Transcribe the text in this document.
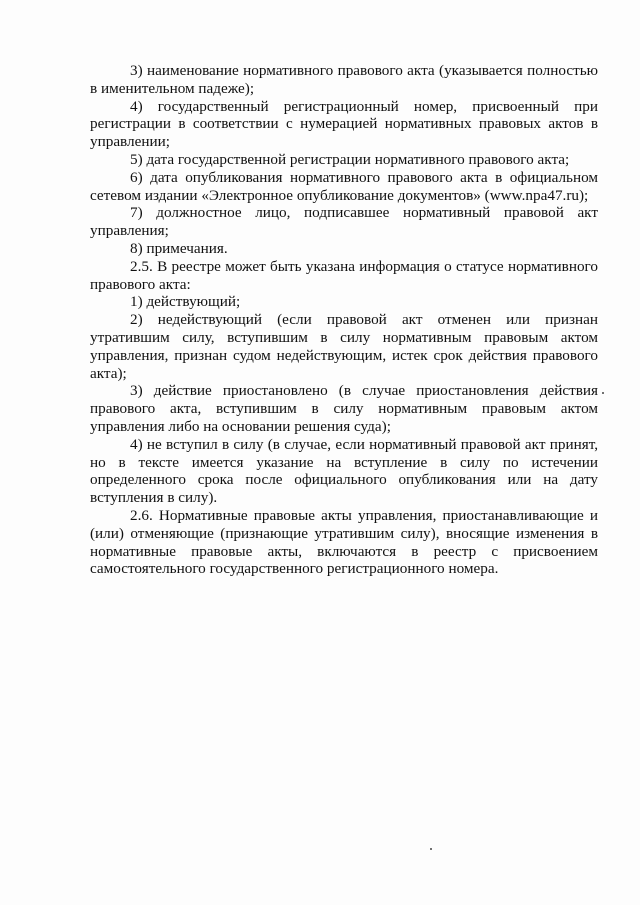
3) наименование нормативного правового акта (указывается полностью в именительном падеже);

4) государственный регистрационный номер, присвоенный при регистрации в соответствии с нумерацией нормативных правовых актов в управлении;

5) дата государственной регистрации нормативного правового акта;

6) дата опубликования нормативного правового акта в официальном сетевом издании «Электронное опубликование документов» (www.npa47.ru);

7) должностное лицо, подписавшее нормативный правовой акт управления;

8) примечания.

2.5. В реестре может быть указана информация о статусе нормативного правового акта:

1) действующий;

2) недействующий (если правовой акт отменен или признан утратившим силу, вступившим в силу нормативным правовым актом управления, признан судом недействующим, истек срок действия правового акта);

3) действие приостановлено (в случае приостановления действия правового акта, вступившим в силу нормативным правовым актом управления либо на основании решения суда);

4) не вступил в силу (в случае, если нормативный правовой акт принят, но в тексте имеется указание на вступление в силу по истечении определенного срока после официального опубликования или на дату вступления в силу).

2.6. Нормативные правовые акты управления, приостанавливающие и (или) отменяющие (признающие утратившим силу), вносящие изменения в нормативные правовые акты, включаются в реестр с присвоением самостоятельного государственного регистрационного номера.
